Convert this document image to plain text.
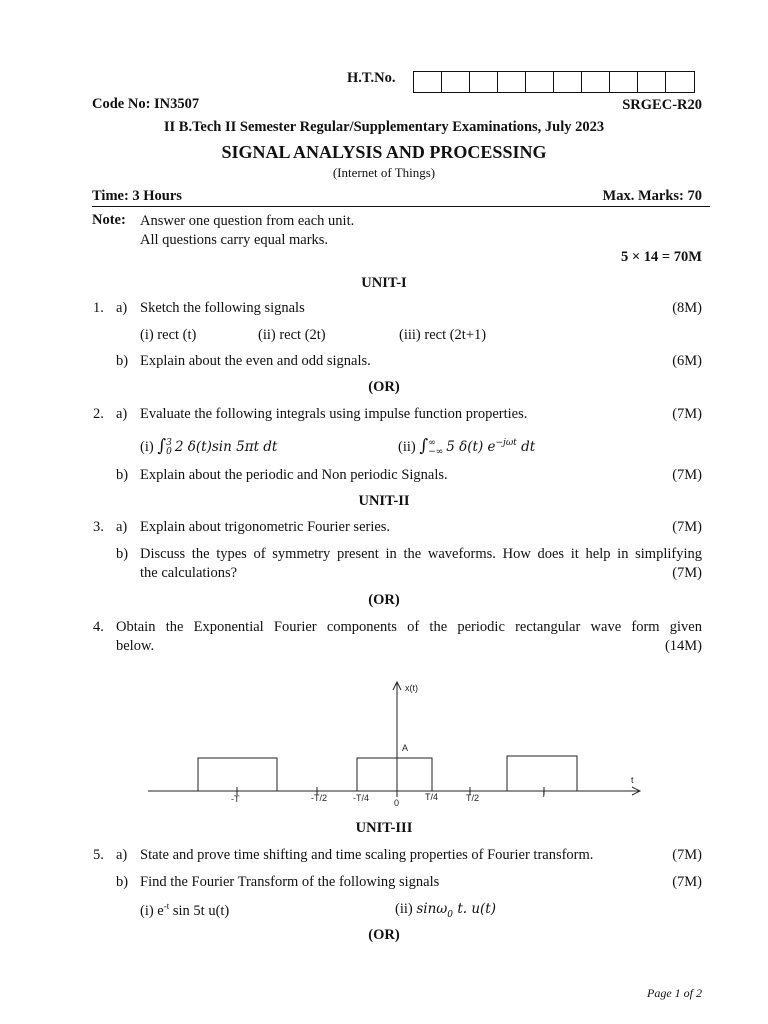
H.T.No.
Code No: IN3507	SRGEC-R20
II B.Tech II Semester Regular/Supplementary Examinations, July 2023
SIGNAL ANALYSIS AND PROCESSING
(Internet of Things)
Time: 3 Hours	Max. Marks: 70
Note: Answer one question from each unit.
All questions carry equal marks.
5 × 14 = 70M
UNIT-I
1. a) Sketch the following signals	(8M)
(i) rect (t)	(ii) rect (2t)	(iii) rect (2t+1)
b) Explain about the even and odd signals.	(6M)
(OR)
2. a) Evaluate the following integrals using impulse function properties.	(7M)
(i) ∫ 3
0 2 δ(t)sin 5πt dt	(ii) ∫ ∞
−∞ 5 δ(t) $e^{-j\omega t}$ dt
b) Explain about the periodic and Non periodic Signals.	(7M)
UNIT-II
3. a) Explain about trigonometric Fourier series.	(7M)
b) Discuss the types of symmetry present in the waveforms. How does it help in simplifying
the calculations?	(7M)
(OR)
4. Obtain the Exponential Fourier components of the periodic rectangular wave form given
below.	(14M)
x(t)
A
t
0
-T	-T/2	-T/4	T/4	T/2	T
UNIT-III
5. a) State and prove time shifting and time scaling properties of Fourier transform.	(7M)
b) Find the Fourier Transform of the following signals	(7M)
(i) $e^{-t}$ sin 5t u(t)	(ii) sinω$_0$ t. u(t)
(OR)
Page 1 of 2
